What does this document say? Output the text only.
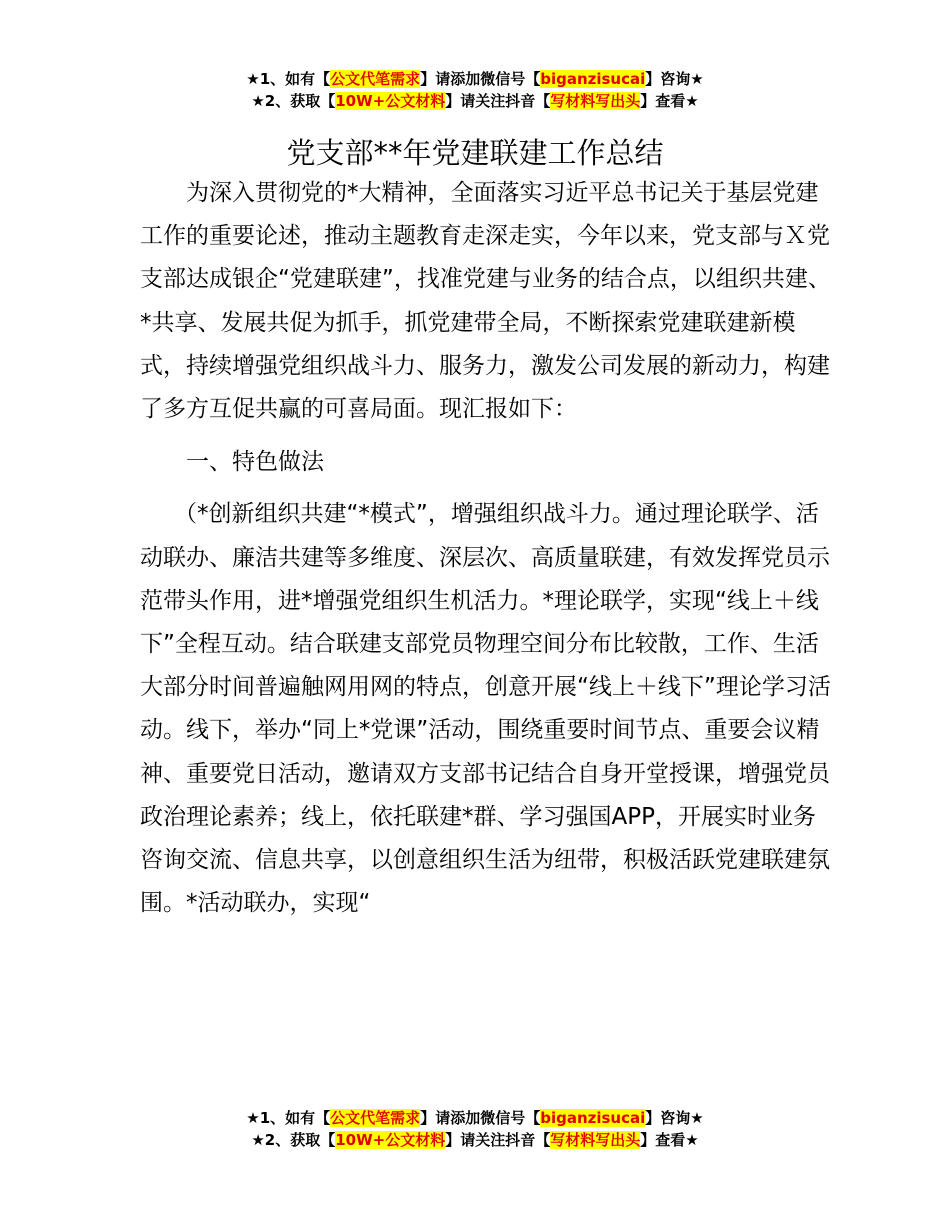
★1、如有【公文代笔需求】请添加微信号【biganzisucai】咨询★
★2、获取【10W+公文材料】请关注抖音【写材料写出头】查看★
党支部**年党建联建工作总结

为深入贯彻党的*大精神，全面落实习近平总书记关于基层党建工作的重要论述，推动主题教育走深走实，今年以来，党支部与Ｘ党支部达成银企“党建联建”，找准党建与业务的结合点，以组织共建、*共享、发展共促为抓手，抓党建带全局，不断探索党建联建新模式，持续增强党组织战斗力、服务力，激发公司发展的新动力，构建了多方互促共赢的可喜局面。现汇报如下：

一、特色做法

（*创新组织共建“*模式”，增强组织战斗力。通过理论联学、活动联办、廉洁共建等多维度、深层次、高质量联建，有效发挥党员示范带头作用，进*增强党组织生机活力。*理论联学，实现“线上＋线下”全程互动。结合联建支部党员物理空间分布比较散，工作、生活大部分时间普遍触网用网的特点，创意开展“线上＋线下”理论学习活动。线下，举办“同上*党课”活动，围绕重要时间节点、重要会议精神、重要党日活动，邀请双方支部书记结合自身开堂授课，增强党员政治理论素养；线上，依托联建*群、学习强国APP，开展实时业务咨询交流、信息共享，以创意组织生活为纽带，积极活跃党建联建氛围。*活动联办，实现“

★1、如有【公文代笔需求】请添加微信号【biganzisucai】咨询★
★2、获取【10W+公文材料】请关注抖音【写材料写出头】查看★
